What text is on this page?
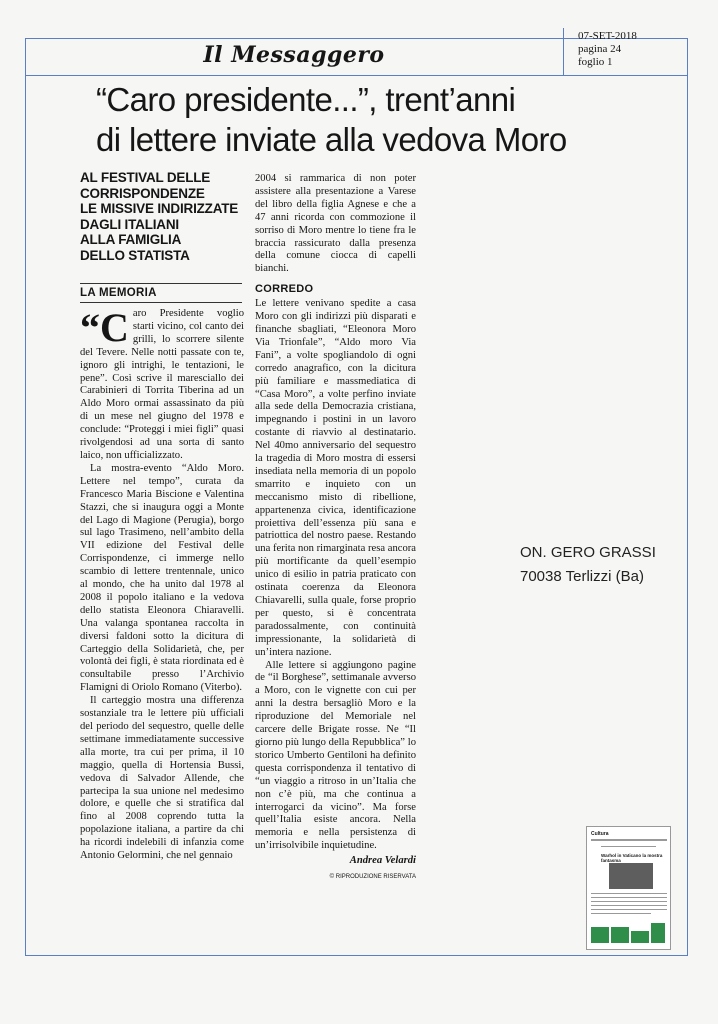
Il Messaggero
07-SET-2018
pagina 24
foglio 1
“Caro presidente...”, trent’anni
di lettere inviate alla vedova Moro
AL FESTIVAL DELLE
CORRISPONDENZE
LE MISSIVE INDIRIZZATE
DAGLI ITALIANI
ALLA FAMIGLIA
DELLO STATISTA
LA MEMORIA

“C aro Presidente voglio starti vicino, col canto dei grilli, lo scorrere silente del Tevere. Nelle notti passate con te, ignoro gli intrighi, le tentazioni, le pene”. Così scrive il maresciallo dei Carabinieri di Torrita Tiberina ad un Aldo Moro ormai assassinato da più di un mese nel giugno del 1978 e conclude: “Proteggi i miei figli” quasi rivolgendosi ad una sorta di santo laico, non ufficializzato.

La mostra-evento “Aldo Moro. Lettere nel tempo”, curata da Francesco Maria Biscione e Valentina Stazzi, che si inaugura oggi a Monte del Lago di Magione (Perugia), borgo sul lago Trasimeno, nell’ambito della VII edizione del Festival delle Corrispondenze, ci immerge nello scambio di lettere trentennale, unico al mondo, che ha unito dal 1978 al 2008 il popolo italiano e la vedova dello statista Eleonora Chiaravelli. Una valanga spontanea raccolta in diversi faldoni sotto la dicitura di Carteggio della Solidarietà, che, per volontà dei figli, è stata riordinata ed è consultabile presso l’Archivio Flamigni di Oriolo Romano (Viterbo).

Il carteggio mostra una differenza sostanziale tra le lettere più ufficiali del periodo del sequestro, quelle delle settimane immediatamente successive alla morte, tra cui per prima, il 10 maggio, quella di Hortensia Bussi, vedova di Salvador Allende, che partecipa la sua unione nel medesimo dolore, e quelle che si stratifica dal fino al 2008 coprendo tutta la popolazione italiana, a partire da chi ha ricordi indelebili di infanzia come Antonio Gelormini, che nel gennaio

2004 si rammarica di non poter assistere alla presentazione a Varese del libro della figlia Agnese e che a 47 anni ricorda con commozione il sorriso di Moro mentre lo tiene fra le braccia rassicurato dalla presenza della comune ciocca di capelli bianchi.

CORREDO

Le lettere venivano spedite a casa Moro con gli indirizzi più disparati e finanche sbagliati, “Eleonora Moro Via Trionfale”, “Aldo moro Via Fani”, a volte spogliandolo di ogni corredo anagrafico, con la dicitura più familiare e massmediatica di “Casa Moro”, a volte perfino inviate alla sede della Democrazia cristiana, impegnando i postini in un lavoro costante di riavvio al destinatario. Nel 40mo anniversario del sequestro la tragedia di Moro mostra di essersi insediata nella memoria di un popolo smarrito e inquieto con un meccanismo misto di ribellione, appartenenza civica, identificazione proiettiva dell’essenza più sana e patriottica del nostro paese. Restando una ferita non rimarginata resa ancora più mortificante da quell’esempio unico di esilio in patria praticato con ostinata coerenza da Eleonora Chiavarelli, sulla quale, forse proprio per questo, si è concentrata paradossalmente, con continuità impressionante, la solidarietà di un’intera nazione.

Alle lettere si aggiungono pagine de “il Borghese”, settimanale avverso a Moro, con le vignette con cui per anni la destra bersagliò Moro e la riproduzione del Memoriale nel carcere delle Brigate rosse. Ne “Il giorno più lungo della Repubblica” lo storico Umberto Gentiloni ha definito questa corrispondenza il tentativo di “un viaggio a ritroso in un’Italia che non c’è più, ma che continua a interrogarci da vicino”. Ma forse quell’Italia esiste ancora. Nella memoria e nella persistenza di un’irrisolvibile inquietudine.

Andrea Velardi
© RIPRODUZIONE RISERVATA
ON. GERO GRASSI
70038 Terlizzi (Ba)
Cultura
Warhol in Vaticano la mostra fantasma
